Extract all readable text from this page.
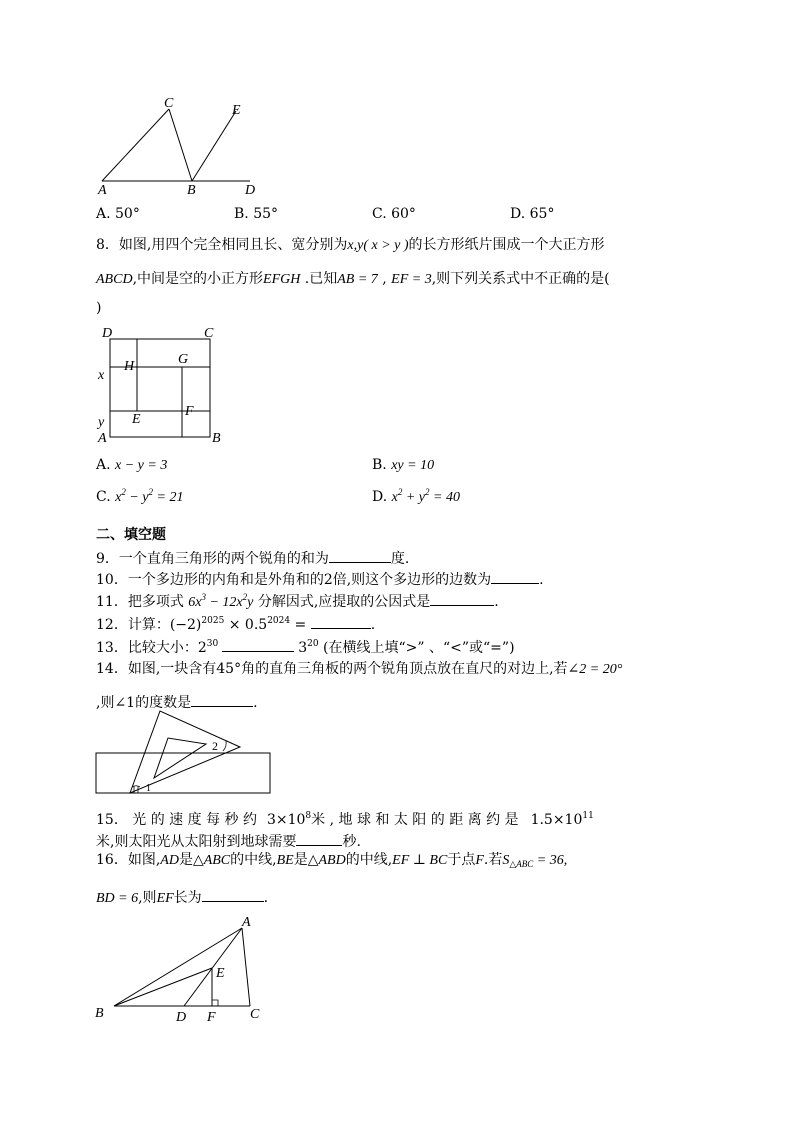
C	E
A	B	D
A. 50°	B. 55°	C. 60°	D. 65°
8．如图,用四个完全相同且长、宽分别为x,y( x > y )的长方形纸片围成一个大正方形
ABCD,中间是空的小正方形EFGH .已知AB = 7 , EF = 3,则下列关系式中不正确的是(
)
D	C
H	G
x
E
F
y
A	B
A. x − y = 3	B. xy = 10
C. $x^2 - y^2 = 21$	D. $x^2 + y^2 = 40$
二、填空题
9．一个直角三角形的两个锐角的和为	度.
10．一个多边形的内角和是外角和的2倍,则这个多边形的边数为	.
11．把多项式 $6x^3 - 12x^2y$ 分解因式,应提取的公因式是	.
12．计算：$(-2)^{2025} \times 0.5^{2024}$ =	.
13．比较大小：$2^{30}$	$3^{20}$ (在横线上填“>” 、“<”或“=”)
14．如图,一块含有45°角的直角三角板的两个锐角顶点放在直尺的对边上,若∠2 = 20°
,则∠1的度数是	.
2
1
15． 光 的 速 度 每 秒 约 $3\times 10^8$米 , 地 球 和 太 阳 的 距 离 约 是 $1.5\times 10^{11}$
米,则太阳光从太阳射到地球需要	秒.
16．如图,AD是△ABC的中线,BE是△ABD的中线,EF ⊥ BC于点F.若$S_{\triangle ABC} = 36$,
BD = 6,则EF长为	.
A
E
B	D F C
